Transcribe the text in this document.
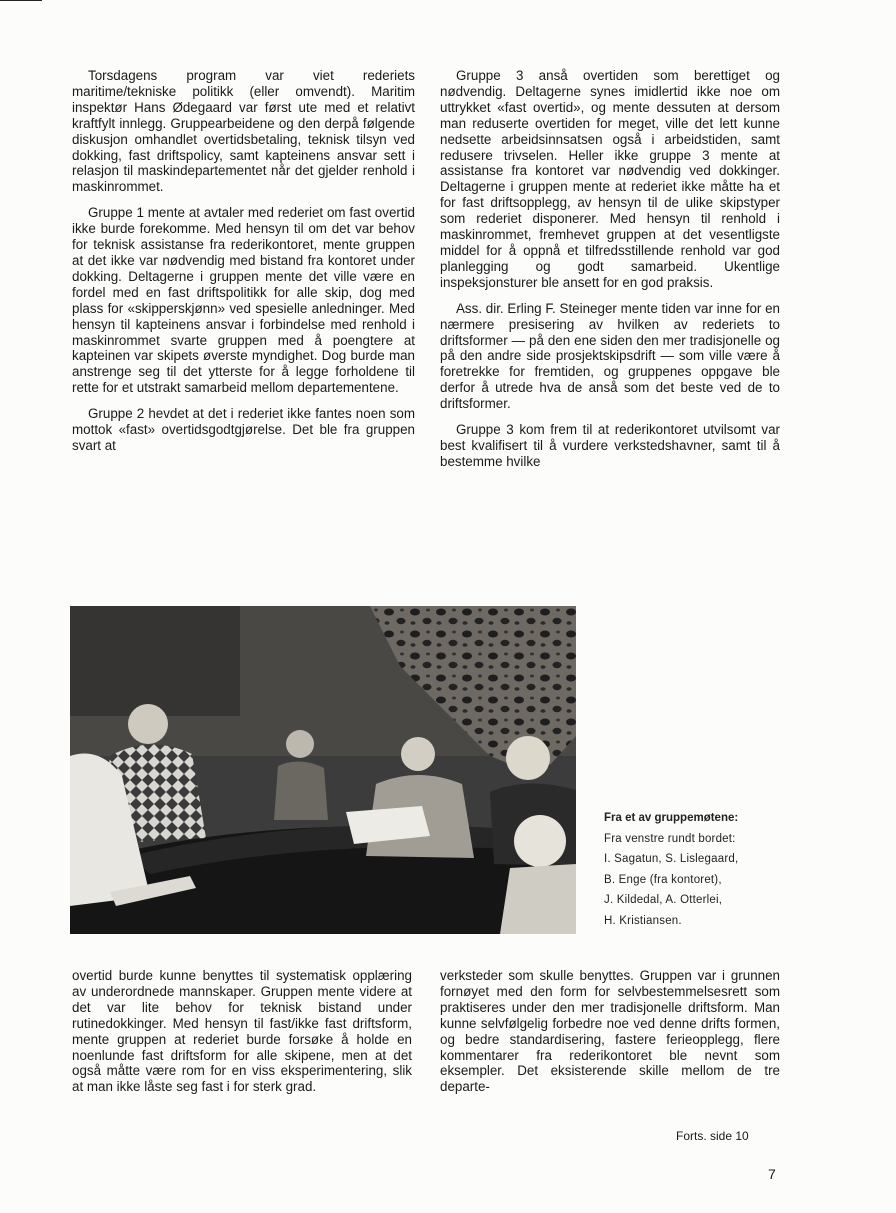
Torsdagens program var viet rederiets maritime/tekniske politikk (eller omvendt). Maritim inspektør Hans Ødegaard var først ute med et relativt kraftfylt innlegg. Gruppearbeidene og den derpå følgende diskusjon omhandlet overtidsbetaling, teknisk tilsyn ved dokking, fast driftspolicy, samt kapteinens ansvar sett i relasjon til maskindepartementet når det gjelder renhold i maskinrommet.

Gruppe 1 mente at avtaler med rederiet om fast overtid ikke burde forekomme. Med hensyn til om det var behov for teknisk assistanse fra rederikontoret, mente gruppen at det ikke var nødvendig med bistand fra kontoret under dokking. Deltagerne i gruppen mente det ville være en fordel med en fast driftspolitikk for alle skip, dog med plass for «skipperskjønn» ved spesielle anledninger. Med hensyn til kapteinens ansvar i forbindelse med renhold i maskinrommet svarte gruppen med å poengtere at kapteinen var skipets øverste myndighet. Dog burde man anstrenge seg til det ytterste for å legge forholdene til rette for et utstrakt samarbeid mellom departementene.

Gruppe 2 hevdet at det i rederiet ikke fantes noen som mottok «fast» overtidsgodtgjørelse. Det ble fra gruppen svart at

Gruppe 3 anså overtiden som berettiget og nødvendig. Deltagerne synes imidlertid ikke noe om uttrykket «fast overtid», og mente dessuten at dersom man reduserte overtiden for meget, ville det lett kunne nedsette arbeidsinnsatsen også i arbeidstiden, samt redusere trivselen. Heller ikke gruppe 3 mente at assistanse fra kontoret var nødvendig ved dokkinger. Deltagerne i gruppen mente at rederiet ikke måtte ha et for fast driftsopplegg, av hensyn til de ulike skipstyper som rederiet disponerer. Med hensyn til renhold i maskinrommet, fremhevet gruppen at det vesentligste middel for å oppnå et tilfredsstillende renhold var god planlegging og godt samarbeid. Ukentlige inspeksjonsturer ble ansett for en god praksis.

Ass. dir. Erling F. Steineger mente tiden var inne for en nærmere presisering av hvilken av rederiets to driftsformer — på den ene siden den mer tradisjonelle og på den andre side prosjektskipsdrift — som ville være å foretrekke for fremtiden, og gruppenes oppgave ble derfor å utrede hva de anså som det beste ved de to driftsformer.

Gruppe 3 kom frem til at rederikontoret utvilsomt var best kvalifisert til å vurdere verkstedshavner, samt til å bestemme hvilke

Fra et av gruppemøtene:
Fra venstre rundt bordet:
I. Sagatun, S. Lislegaard,
B. Enge (fra kontoret),
J. Kildedal, A. Otterlei,
H. Kristiansen.

overtid burde kunne benyttes til systematisk opplæring av underordnede mannskaper. Gruppen mente videre at det var lite behov for teknisk bistand under rutinedokkinger. Med hensyn til fast/ikke fast driftsform, mente gruppen at rederiet burde forsøke å holde en noenlunde fast driftsform for alle skipene, men at det også måtte være rom for en viss eksperimentering, slik at man ikke låste seg fast i for sterk grad.

verksteder som skulle benyttes. Gruppen var i grunnen fornøyet med den form for selvbestemmelsesrett som praktiseres under den mer tradisjonelle driftsform. Man kunne selvfølgelig forbedre noe ved denne drifts formen, og bedre standardisering, fastere ferieopplegg, flere kommentarer fra rederikontoret ble nevnt som eksempler. Det eksisterende skille mellom de tre departe-

Forts. side 10
7
